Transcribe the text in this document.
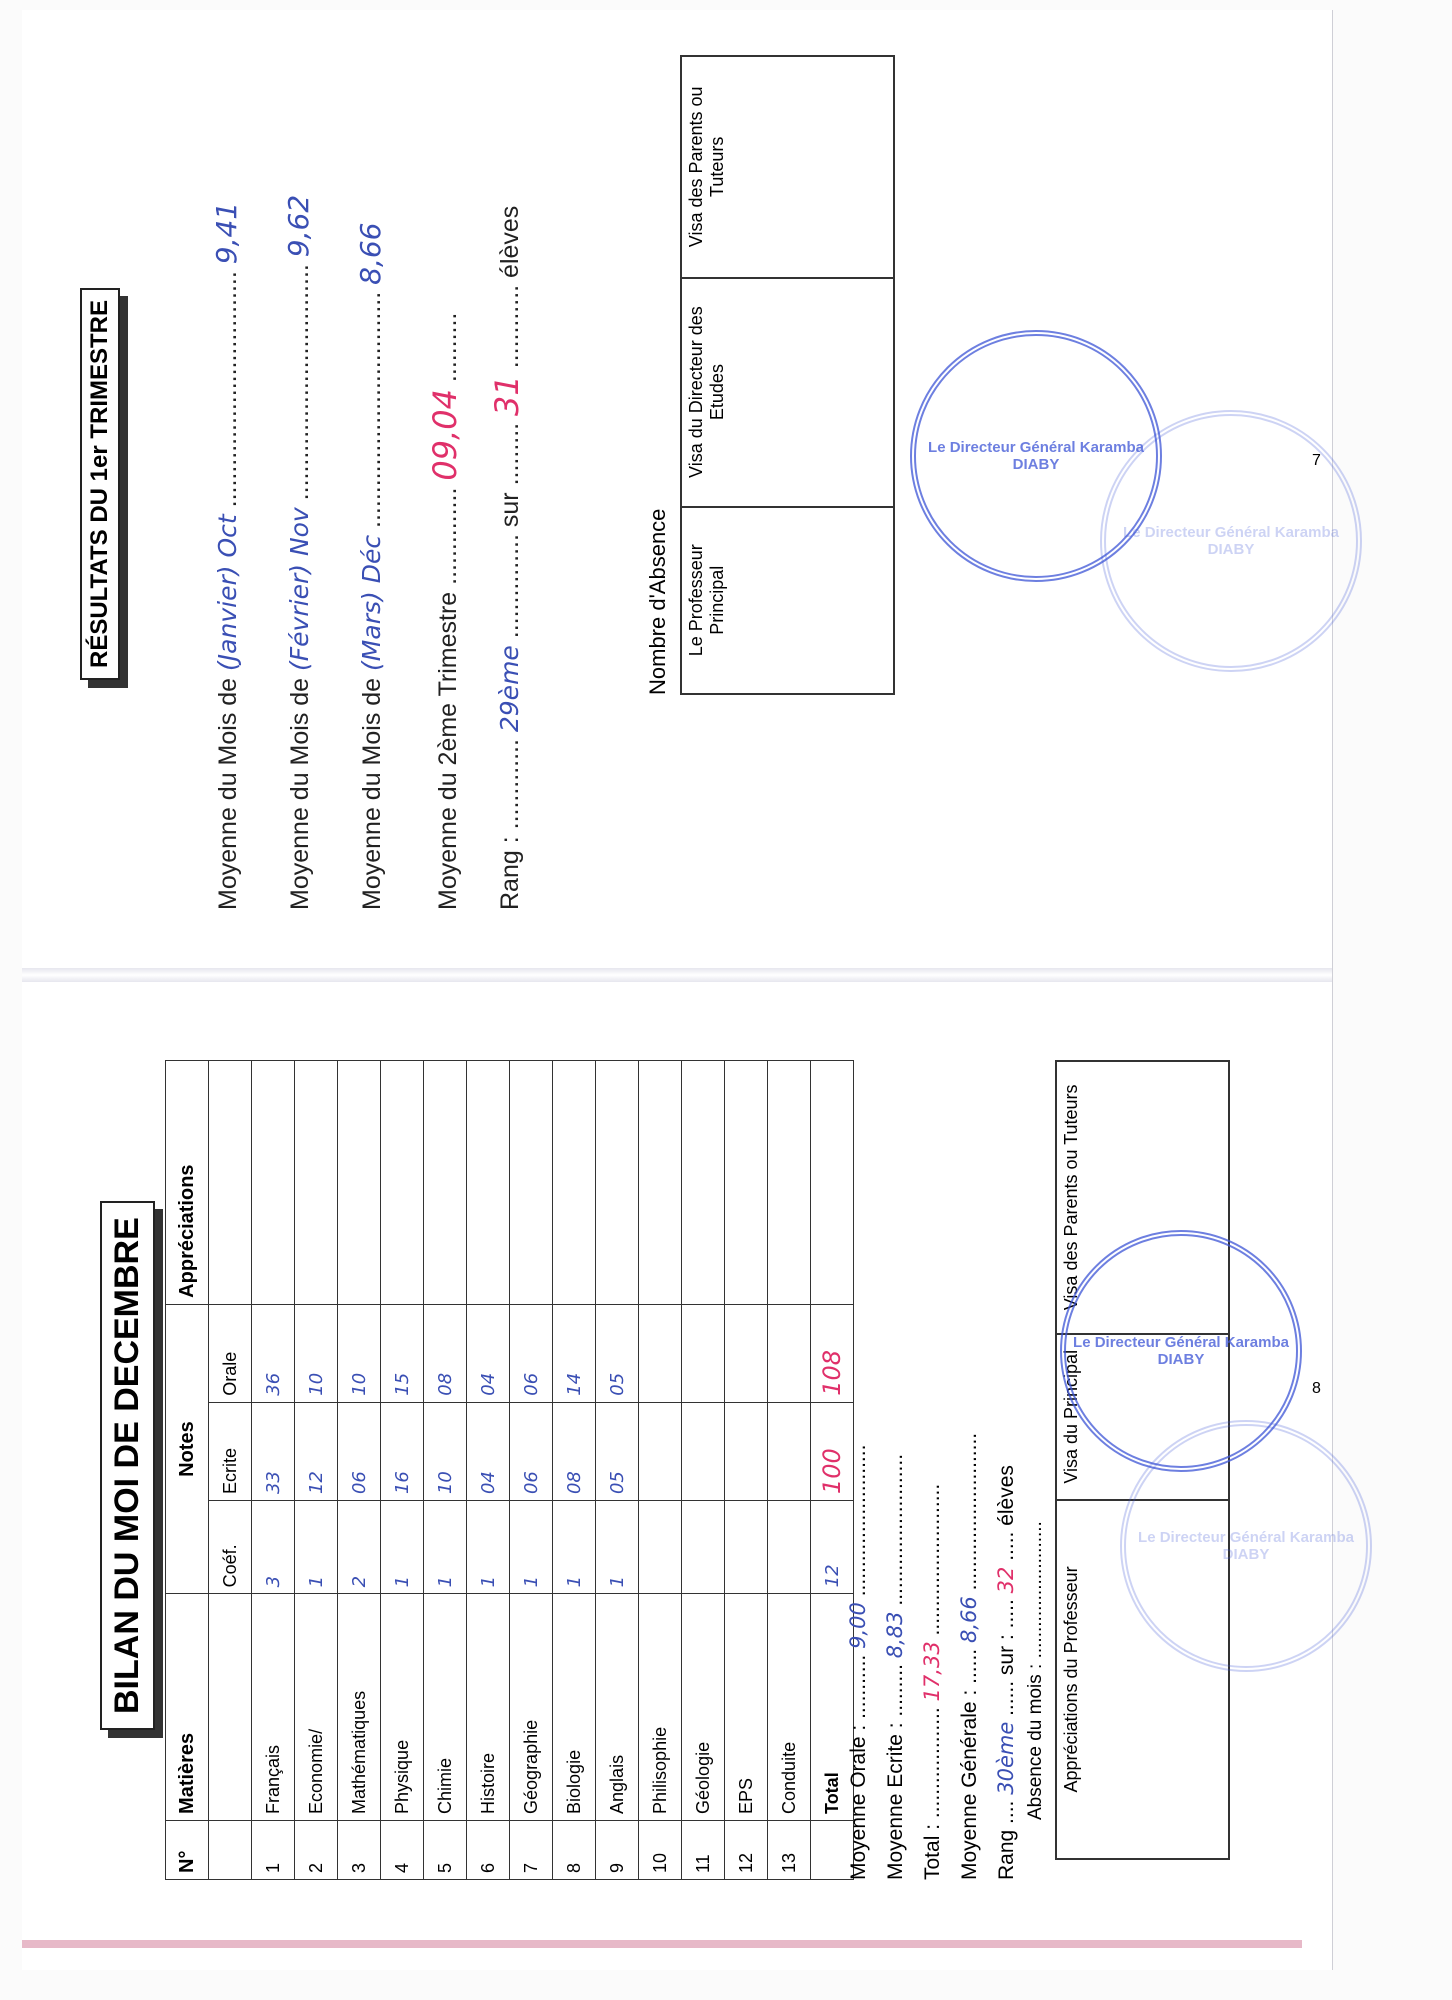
RÉSULTATS DU 1er TRIMESTRE
Moyenne du Mois de (Janvier) Oct .................................. 9,41
Moyenne du Mois de (Février) Nov .................................. 9,62
Moyenne du Mois de (Mars) Déc .................................. 8,66
Moyenne du 2ème Trimestre .............. 09,04 ..........
Rang : ............. 29ème ............... sur ......... 31 ............ élèves
Nombre d'Absence Le Professeur Principal	Visa du Directeur des Etudes	Visa des Parents ou Tuteurs
Le Directeur Général Karamba DIABY
Le Directeur Général Karamba DIABY
7
BILAN DU MOI DE DECEMBRE
N°	Matières	Notes			Appréciations
		Coéf.	Ecrite	Orale	
1	Français	3	33	36	
2	Economie/	1	12	10	
3	Mathématiques	2	06	10	
4	Physique	1	16	15	
5	Chimie	1	10	08	
6	Histoire	1	04	04	
7	Géographie	1	06	06	
8	Biologie	1	08	14	
9	Anglais	1	05	05	
10	Philisophie				
11	Géologie				
12	EPS				
13	Conduite				
	Total	12	100	108	
Moyenne Orale : ........... 9,00 ..........................
Moyenne Ecrite : ......... 8,83 ..........................
Total : ................... 17,33 ..........................
Moyenne Générale : ...... 8,66 ...........................
Rang .... 30ème ...... sur : ..... 32 ..... élèves
Absence du mois : .......................... Appréciations du Professeur	Visa du Principal	Visa des Parents ou Tuteurs
Le Directeur Général Karamba DIABY
Le Directeur Général Karamba DIABY
8
